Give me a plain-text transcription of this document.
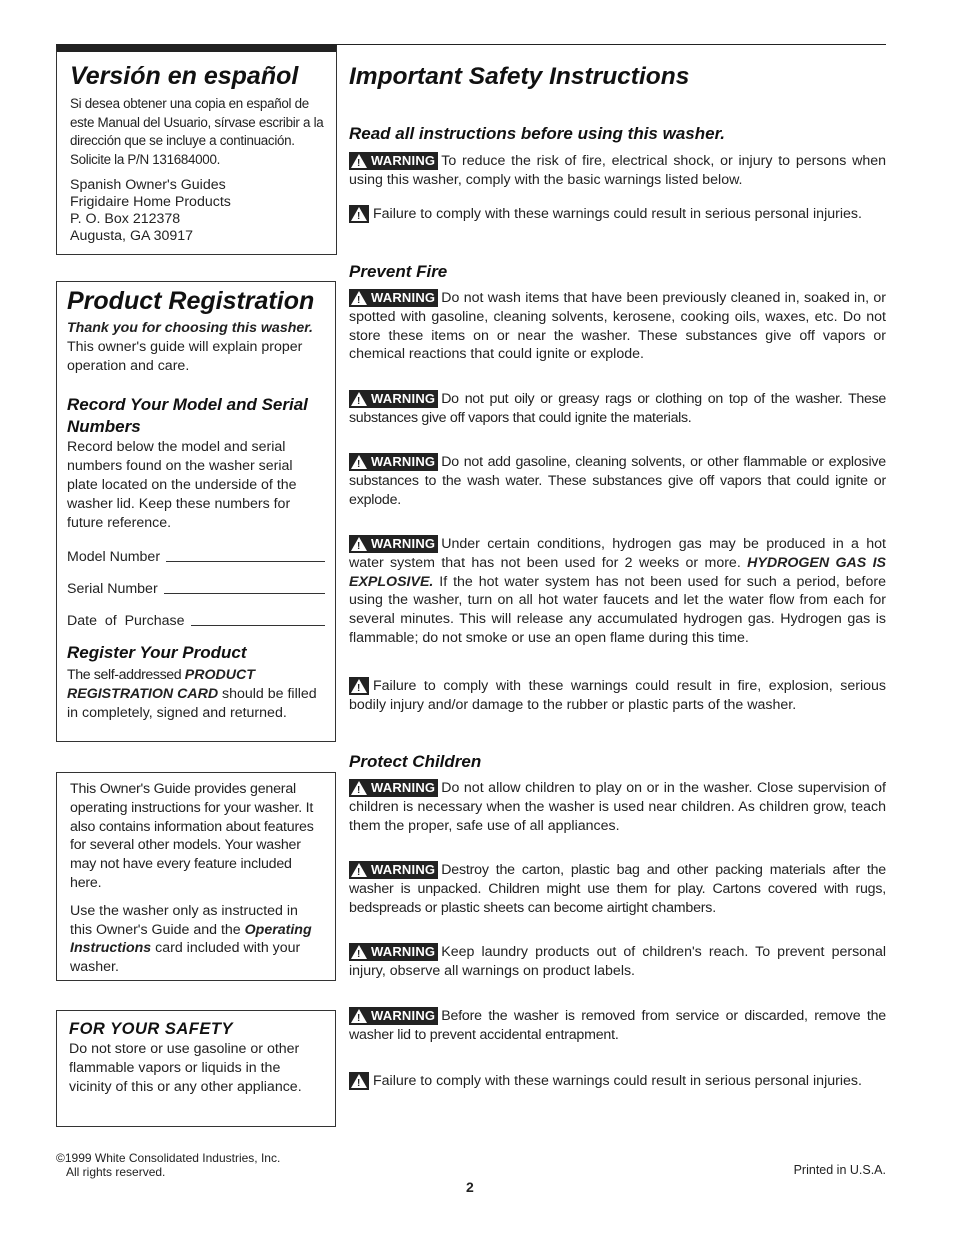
Versión en español

Si desea obtener una copia en español de este Manual del Usuario, sírvase escribir a la dirección que se incluye a continuación. Solicite la P/N 131684000.

Spanish Owner's Guides
Frigidaire Home Products
P. O. Box 212378
Augusta, GA 30917
Product Registration

Thank you for choosing this washer. This owner's guide will explain proper operation and care.

Record Your Model and Serial Numbers

Record below the model and serial numbers found on the washer serial plate located on the underside of the washer lid. Keep these numbers for future reference.

Model Number
Serial Number
Date  of  Purchase
Register Your Product

The self-addressed PRODUCT REGISTRATION CARD should be filled in completely, signed and returned.

This Owner's Guide provides general operating instructions for your washer. It also contains information about features for several other models. Your washer may not have every feature included here.

Use the washer only as instructed in this Owner's Guide and the Operating Instructions card included with your washer.

FOR YOUR SAFETY

Do not store or use gasoline or other flammable vapors or liquids in the vicinity of this or any other appliance.

©1999 White Consolidated Industries, Inc.
All rights reserved.
2
Printed in U.S.A.
Important Safety Instructions
Read all instructions before using this washer.
!
WARNING To reduce the risk of fire, electrical shock, or injury to persons when using this washer, comply with the basic warnings listed below.
!
Failure to comply with these warnings could result in serious personal injuries.
Prevent Fire
!
WARNING Do not wash items that have been previously cleaned in, soaked in, or spotted with gasoline, cleaning solvents, kerosene, cooking oils, waxes, etc. Do not store these items on or near the washer. These substances give off vapors or chemical reactions that could ignite or explode.
!
WARNING Do not put oily or greasy rags or clothing on top of the washer. These substances give off vapors that could ignite the materials.
!
WARNING Do not add gasoline, cleaning solvents, or other flammable or explosive substances to the wash water. These substances give off vapors that could ignite or explode.
!
WARNING Under certain conditions, hydrogen gas may be produced in a hot water system that has not been used for 2 weeks or more. HYDROGEN GAS IS EXPLOSIVE. If the hot water system has not been used for such a period, before using the washer, turn on all hot water faucets and let the water flow from each for several minutes. This will release any accumulated hydrogen gas. Hydrogen gas is flammable; do not smoke or use an open flame during this time.
!
Failure to comply with these warnings could result in fire, explosion, serious bodily injury and/or damage to the rubber or plastic parts of the washer.
Protect Children
!
WARNING Do not allow children to play on or in the washer. Close supervision of children is necessary when the washer is used near children. As children grow, teach them the proper, safe use of all appliances.
!
WARNING Destroy the carton, plastic bag and other packing materials after the washer is unpacked. Children might use them for play. Cartons covered with rugs, bedspreads or plastic sheets can become airtight chambers.
!
WARNING Keep laundry products out of children's reach. To prevent personal injury, observe all warnings on product labels.
!
WARNING Before the washer is removed from service or discarded, remove the washer lid to prevent accidental entrapment.
!
Failure to comply with these warnings could result in serious personal injuries.
